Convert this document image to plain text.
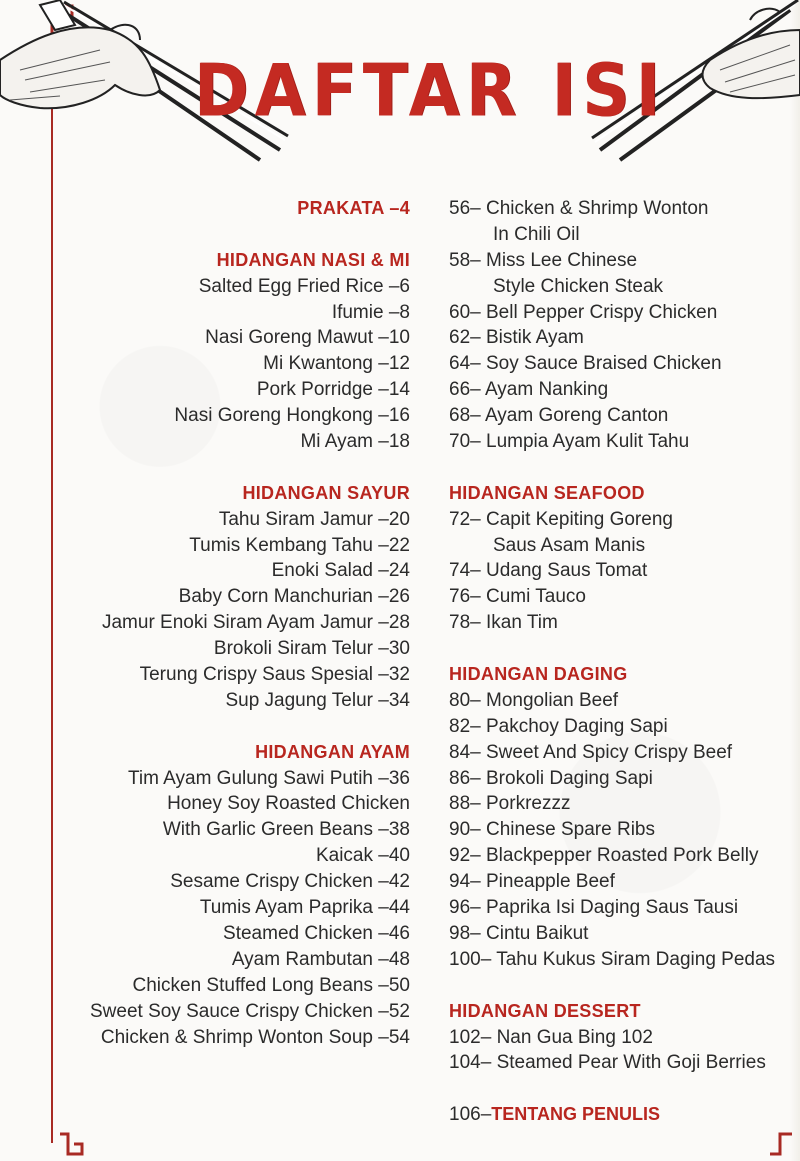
DAFTAR ISI
PRAKATA –4
HIDANGAN NASI & MI
Salted Egg Fried Rice –6
Ifumie –8
Nasi Goreng Mawut –10
Mi Kwantong –12
Pork Porridge –14
Nasi Goreng Hongkong –16
Mi Ayam –18
HIDANGAN SAYUR
Tahu Siram Jamur –20
Tumis Kembang Tahu –22
Enoki Salad –24
Baby Corn Manchurian –26
Jamur Enoki Siram Ayam Jamur –28
Brokoli Siram Telur –30
Terung Crispy Saus Spesial –32
Sup Jagung Telur –34
HIDANGAN AYAM
Tim Ayam Gulung Sawi Putih –36
Honey Soy Roasted Chicken
With Garlic Green Beans –38
Kaicak –40
Sesame Crispy Chicken –42
Tumis Ayam Paprika –44
Steamed Chicken –46
Ayam Rambutan –48
Chicken Stuffed Long Beans –50
Sweet Soy Sauce Crispy Chicken –52
Chicken & Shrimp Wonton Soup –54
56– Chicken & Shrimp Wonton
In Chili Oil
58– Miss Lee Chinese
Style Chicken Steak
60– Bell Pepper Crispy Chicken
62– Bistik Ayam
64– Soy Sauce Braised Chicken
66– Ayam Nanking
68– Ayam Goreng Canton
70– Lumpia Ayam Kulit Tahu
HIDANGAN SEAFOOD
72– Capit Kepiting Goreng
Saus Asam Manis
74– Udang Saus Tomat
76– Cumi Tauco
78– Ikan Tim
HIDANGAN DAGING
80– Mongolian Beef
82– Pakchoy Daging Sapi
84– Sweet And Spicy Crispy Beef
86– Brokoli Daging Sapi
88– Porkrezzz
90– Chinese Spare Ribs
92– Blackpepper Roasted Pork Belly
94– Pineapple Beef
96– Paprika Isi Daging Saus Tausi
98– Cintu Baikut
100– Tahu Kukus Siram Daging Pedas
HIDANGAN DESSERT
102– Nan Gua Bing 102
104– Steamed Pear With Goji Berries
106–TENTANG PENULIS
